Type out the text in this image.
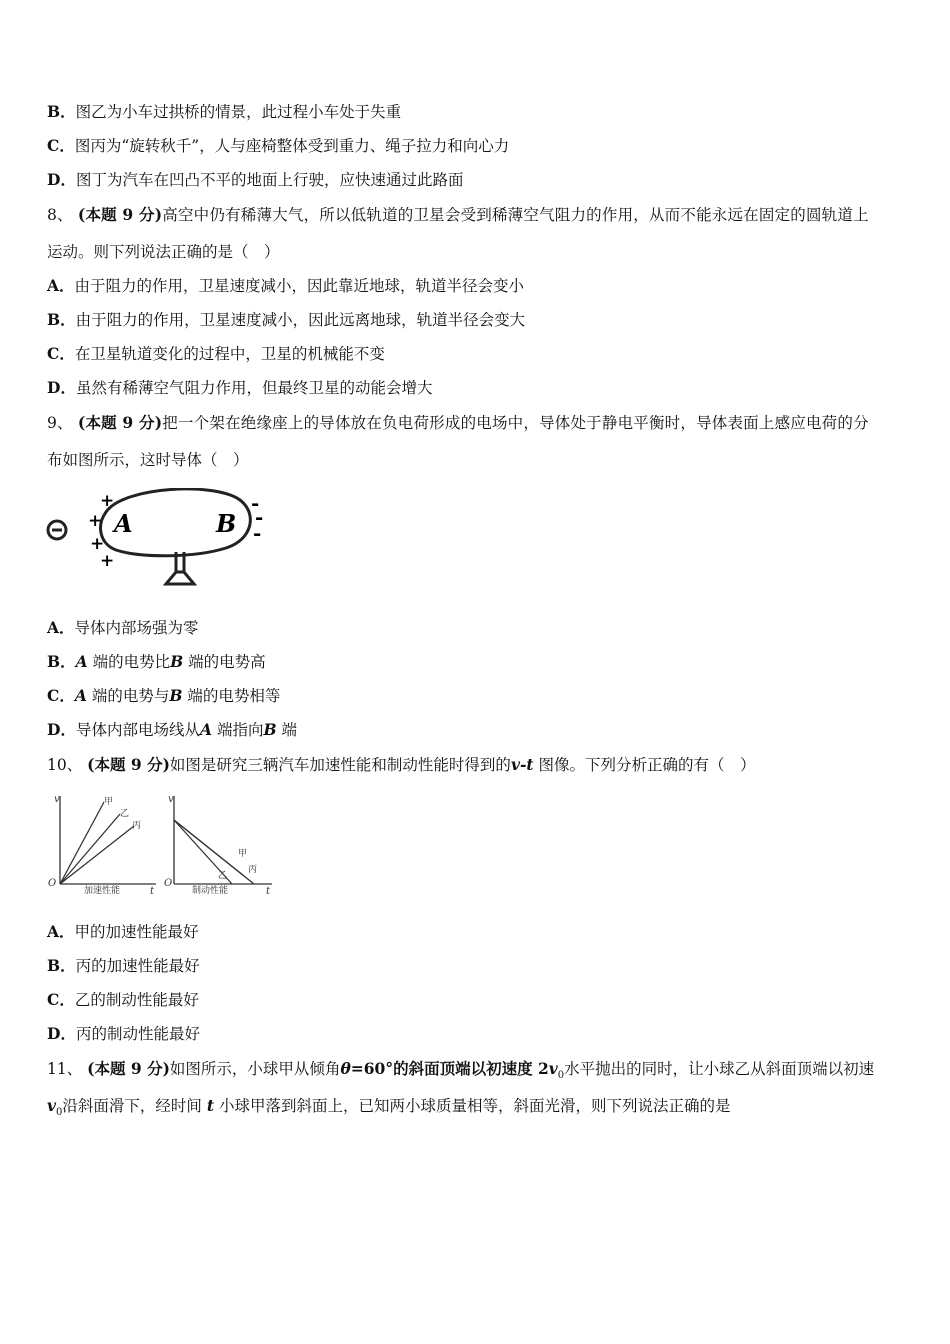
B．图乙为小车过拱桥的情景，此过程小车处于失重
C．图丙为“旋转秋千”，人与座椅整体受到重力、绳子拉力和向心力
D．图丁为汽车在凹凸不平的地面上行驶，应快速通过此路面
8、 (本题 9 分)高空中仍有稀薄大气，所以低轨道的卫星会受到稀薄空气阻力的作用，从而不能永远在固定的圆轨道上
运动。则下列说法正确的是（　）
A．由于阻力的作用，卫星速度减小，因此靠近地球，轨道半径会变小
B．由于阻力的作用，卫星速度减小，因此远离地球，轨道半径会变大
C．在卫星轨道变化的过程中，卫星的机械能不变
D．虽然有稀薄空气阻力作用，但最终卫星的动能会增大
9、 (本题 9 分)把一个架在绝缘座上的导体放在负电荷形成的电场中，导体处于静电平衡时，导体表面上感应电荷的分
布如图所示，这时导体（　）
+
+
+
+
-
-
-
A	B
A．导体内部场强为零
B．A 端的电势比B 端的电势高
C．A 端的电势与B 端的电势相等
D．导体内部电场线从A 端指向B 端
10、 (本题 9 分)如图是研究三辆汽车加速性能和制动性能时得到的v-t 图像。下列分析正确的有（　）
v
O
t
甲
乙
丙
加速性能
v
O
t
甲
乙
丙
制动性能
A．甲的加速性能最好
B．丙的加速性能最好
C．乙的制动性能最好
D．丙的制动性能最好
11、 (本题 9 分)如图所示，小球甲从倾角θ=60°的斜面顶端以初速度 $2v_0$水平抛出的同时，让小球乙从斜面顶端以初速
$v_0$沿斜面滑下，经时间 t 小球甲落到斜面上，已知两小球质量相等，斜面光滑，则下列说法正确的是
